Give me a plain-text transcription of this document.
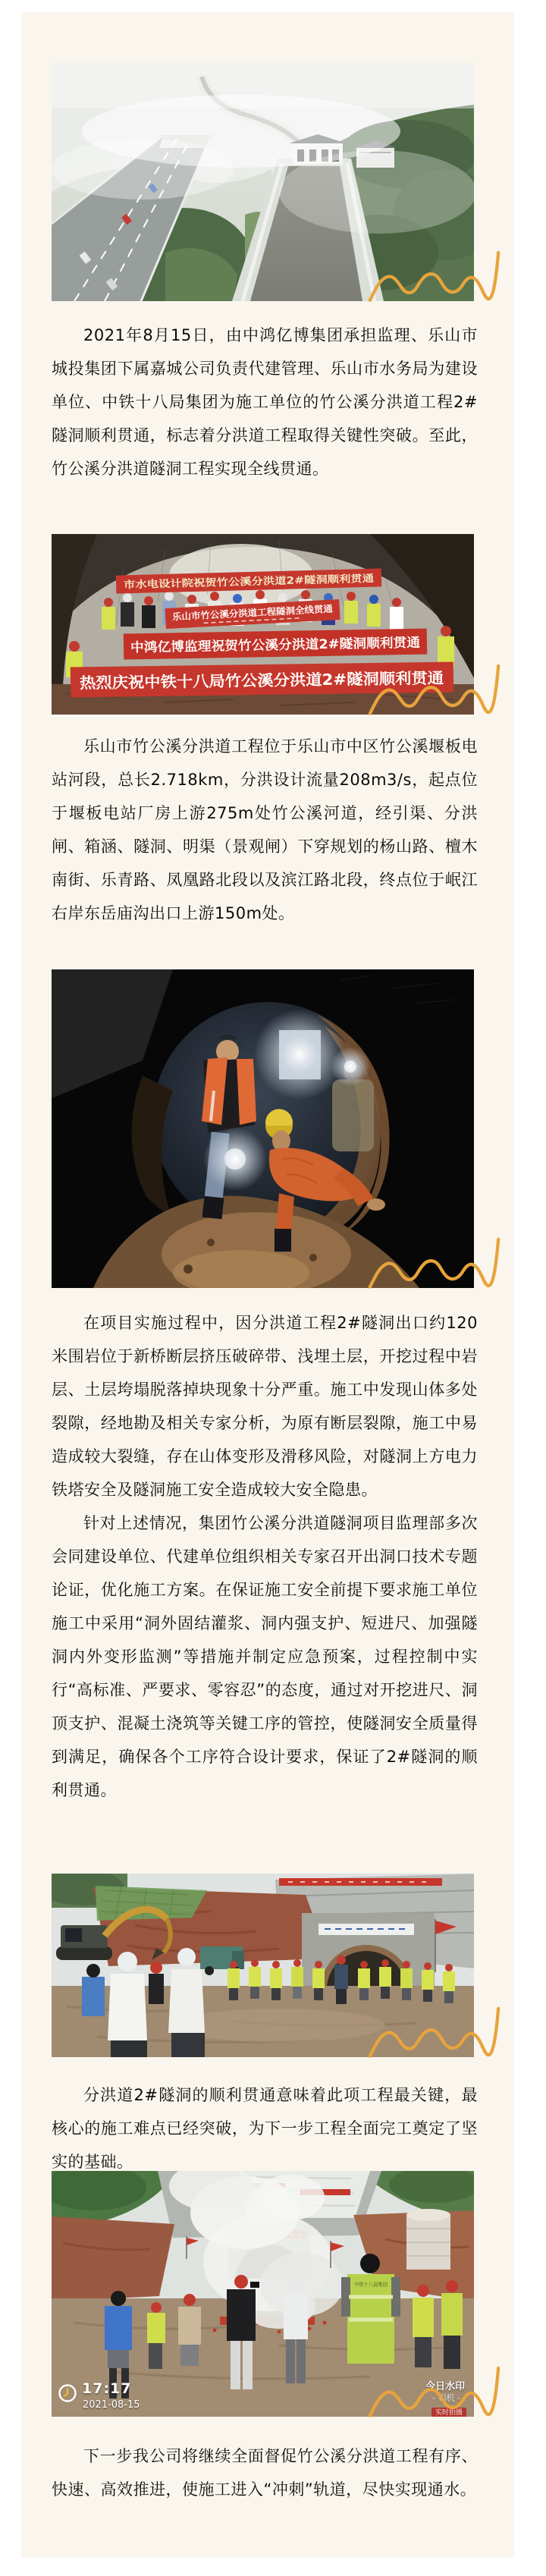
2021年8月15日，由中鸿亿博集团承担监理、乐山市城投集团下属嘉城公司负责代建管理、乐山市水务局为建设单位、中铁十八局集团为施工单位的竹公溪分洪道工程2#隧洞顺利贯通，标志着分洪道工程取得关键性突破。至此，竹公溪分洪道隧洞工程实现全线贯通。

市水电设计院祝贺竹公溪分洪道2#隧洞顺利贯通
乐山市竹公溪分洪道工程隧洞全线贯通
中鸿亿博监理祝贺竹公溪分洪道2#隧洞顺利贯通
热烈庆祝中铁十八局竹公溪分洪道2#隧洞顺利贯通

乐山市竹公溪分洪道工程位于乐山市中区竹公溪堰板电站河段，总长2.718km，分洪设计流量208m3/s，起点位于堰板电站厂房上游275m处竹公溪河道，经引渠、分洪闸、箱涵、隧洞、明渠（景观闸）下穿规划的杨山路、檀木南街、乐青路、凤凰路北段以及滨江路北段，终点位于岷江右岸东岳庙沟出口上游150m处。

在项目实施过程中，因分洪道工程2#隧洞出口约120米围岩位于新桥断层挤压破碎带、浅埋土层，开挖过程中岩层、土层垮塌脱落掉块现象十分严重。施工中发现山体多处裂隙，经地勘及相关专家分析，为原有断层裂隙，施工中易造成较大裂缝，存在山体变形及滑移风险，对隧洞上方电力铁塔安全及隧洞施工安全造成较大安全隐患。

针对上述情况，集团竹公溪分洪道隧洞项目监理部多次会同建设单位、代建单位组织相关专家召开出洞口技术专题论证，优化施工方案。在保证施工安全前提下要求施工单位施工中采用“洞外固结灌浆、洞内强支护、短进尺、加强隧洞内外变形监测”等措施并制定应急预案，过程控制中实行“高标准、严要求、零容忍”的态度，通过对开挖进尺、洞顶支护、混凝土浇筑等关键工序的管控，使隧洞安全质量得到满足，确保各个工序符合设计要求，保证了2#隧洞的顺利贯通。

分洪道2#隧洞的顺利贯通意味着此项工程最关键，最核心的施工难点已经突破，为下一步工程全面完工奠定了坚实的基础。

中铁十八局集团
17:17
2021-08-15
今日水印
- 相机 -
实时拍摄

下一步我公司将继续全面督促竹公溪分洪道工程有序、快速、高效推进，使施工进入“冲刺”轨道，尽快实现通水。
